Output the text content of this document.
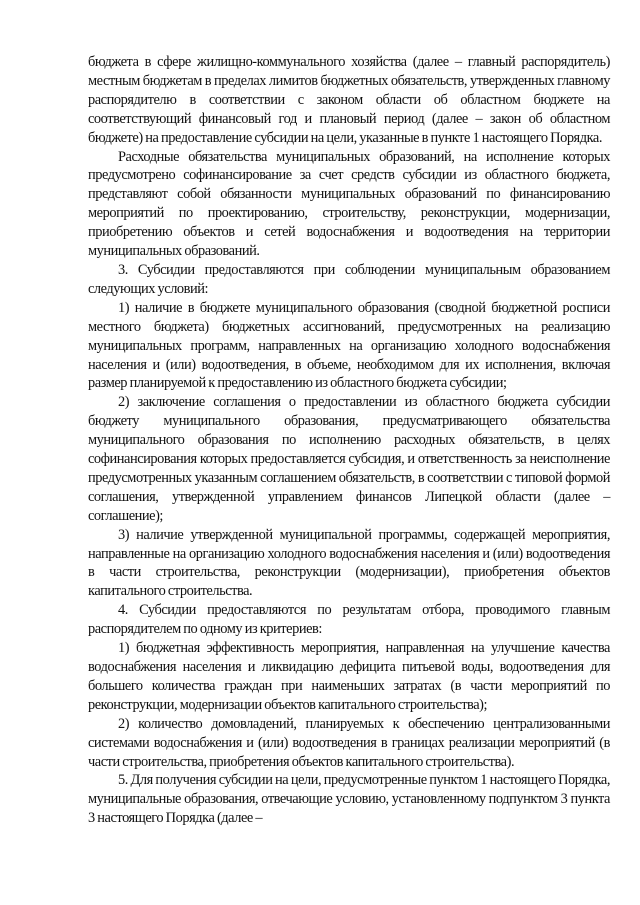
бюджета в сфере жилищно-коммунального хозяйства (далее – главный распорядитель) местным бюджетам в пределах лимитов бюджетных обязательств, утвержденных главному распорядителю в соответствии с законом области об областном бюджете на соответствующий финансовый год и плановый период (далее – закон об областном бюджете) на предоставление субсидии на цели, указанные в пункте 1 настоящего Порядка.

Расходные обязательства муниципальных образований, на исполнение которых предусмотрено софинансирование за счет средств субсидии из областного бюджета, представляют собой обязанности муниципальных образований по финансированию мероприятий по проектированию, строительству, реконструкции, модернизации, приобретению объектов и сетей водоснабжения и водоотведения на территории муниципальных образований.

3. Субсидии предоставляются при соблюдении муниципальным образованием следующих условий:

1) наличие в бюджете муниципального образования (сводной бюджетной росписи местного бюджета) бюджетных ассигнований, предусмотренных на реализацию муниципальных программ, направленных на организацию холодного водоснабжения населения и (или) водоотведения, в объеме, необходимом для их исполнения, включая размер планируемой к предоставлению из областного бюджета субсидии;

2) заключение соглашения о предоставлении из областного бюджета субсидии бюджету муниципального образования, предусматривающего обязательства муниципального образования по исполнению расходных обязательств, в целях софинансирования которых предоставляется субсидия, и ответственность за неисполнение предусмотренных указанным соглашением обязательств, в соответствии с типовой формой соглашения, утвержденной управлением финансов Липецкой области (далее – соглашение);

3) наличие утвержденной муниципальной программы, содержащей мероприятия, направленные на организацию холодного водоснабжения населения и (или) водоотведения в части строительства, реконструкции (модернизации), приобретения объектов капитального строительства.

4. Субсидии предоставляются по результатам отбора, проводимого главным распорядителем по одному из критериев:

1) бюджетная эффективность мероприятия, направленная на улучшение качества водоснабжения населения и ликвидацию дефицита питьевой воды, водоотведения для большего количества граждан при наименьших затратах (в части мероприятий по реконструкции, модернизации объектов капитального строительства);

2) количество домовладений, планируемых к обеспечению централизованными системами водоснабжения и (или) водоотведения в границах реализации мероприятий (в части строительства, приобретения объектов капитального строительства).

5. Для получения субсидии на цели, предусмотренные пунктом 1 настоящего Порядка, муниципальные образования, отвечающие условию, установленному подпунктом 3 пункта 3 настоящего Порядка (далее –
